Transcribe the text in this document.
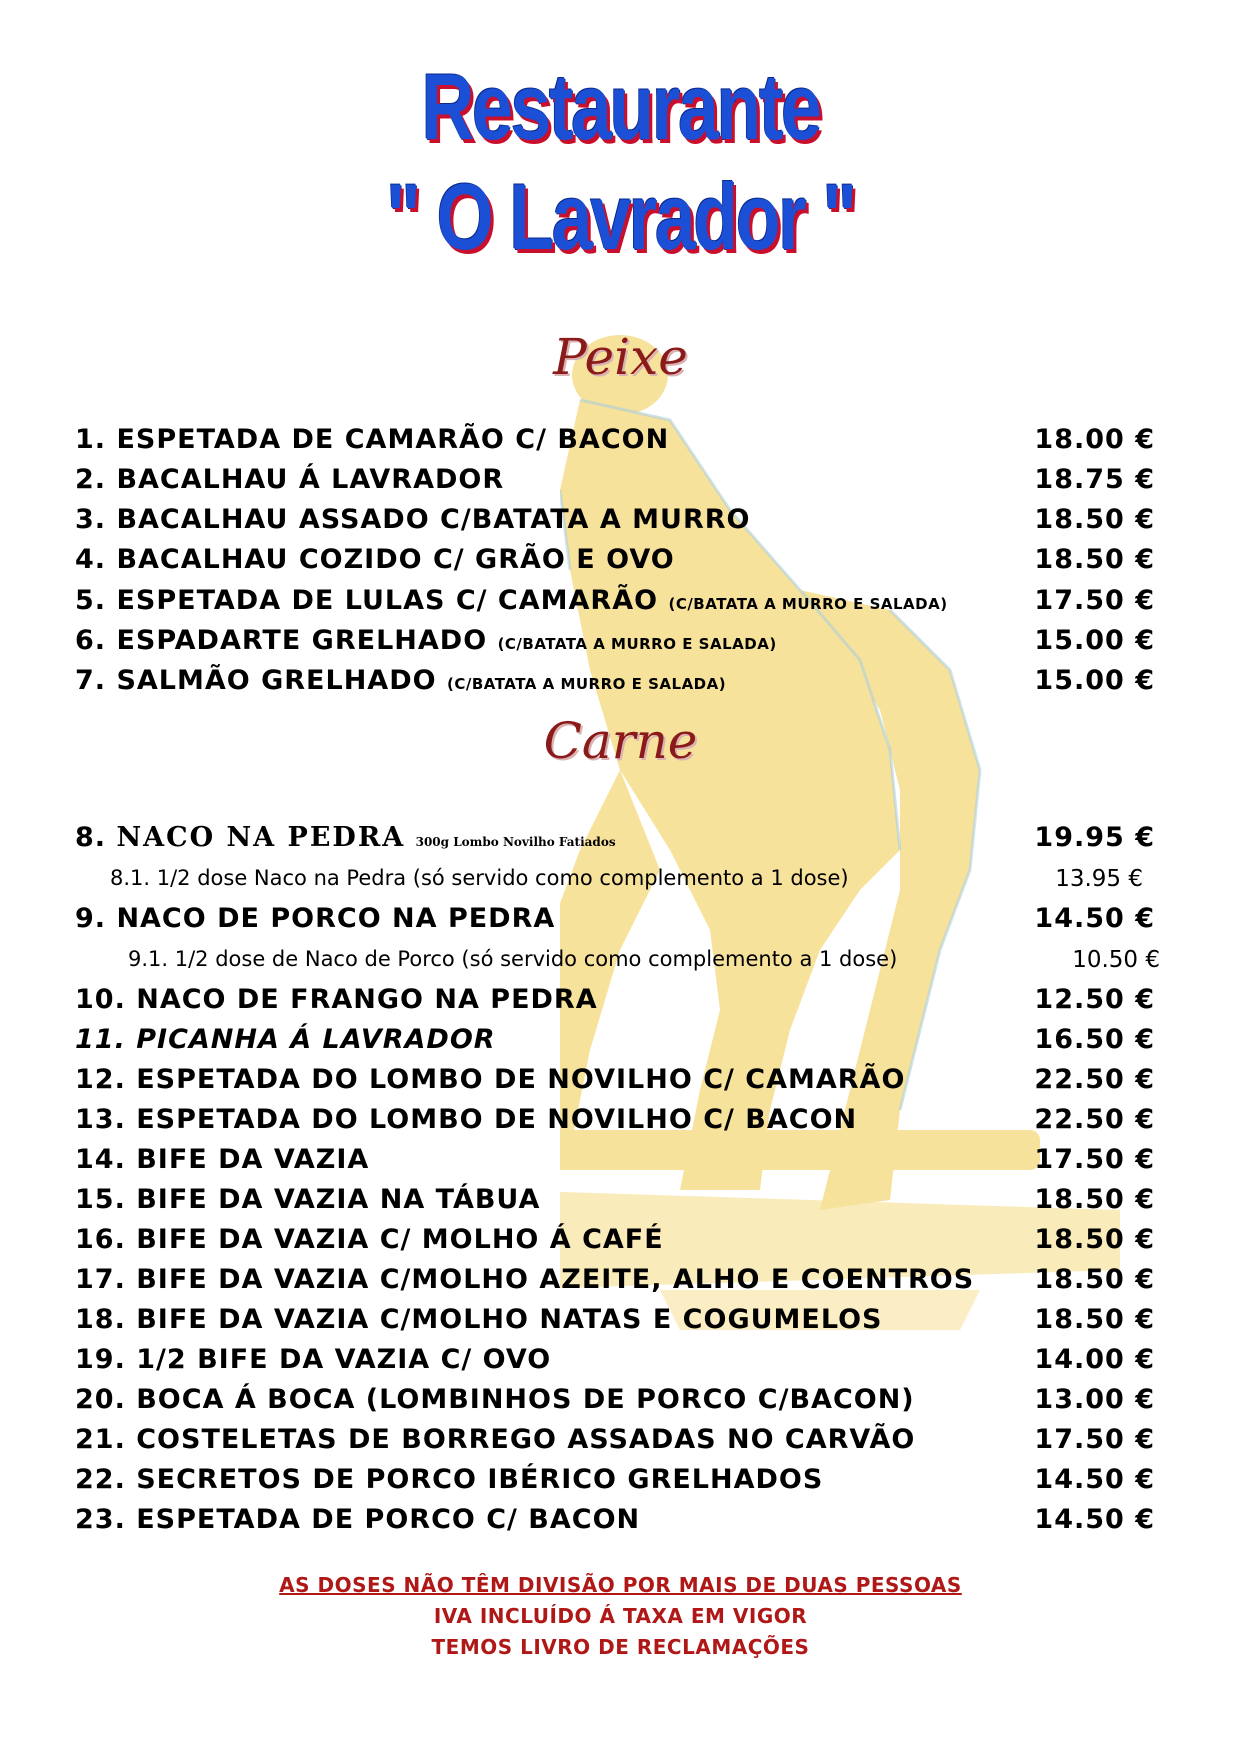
Restaurante
" O Lavrador "
Peixe
1. ESPETADA DE CAMARÃO C/ BACON	18.00 €
2. BACALHAU Á LAVRADOR	18.75 €
3. BACALHAU ASSADO C/BATATA A MURRO	18.50 €
4. BACALHAU COZIDO C/ GRÃO E OVO	18.50 €
5. ESPETADA DE LULAS C/ CAMARÃO (C/BATATA A MURRO E SALADA)	17.50 €
6. ESPADARTE GRELHADO (C/BATATA A MURRO E SALADA)	15.00 €
7. SALMÃO GRELHADO (C/BATATA A MURRO E SALADA)	15.00 €
Carne
8. NACO NA PEDRA 300g Lombo Novilho Fatiados	19.95 €
8.1. 1/2 dose Naco na Pedra (só servido como complemento a 1 dose)	13.95 €
9. NACO DE PORCO NA PEDRA	14.50 €
9.1. 1/2 dose de Naco de Porco (só servido como complemento a 1 dose)	10.50 €
10. NACO DE FRANGO NA PEDRA	12.50 €
11. PICANHA Á LAVRADOR	16.50 €
12. ESPETADA DO LOMBO DE NOVILHO C/ CAMARÃO	22.50 €
13. ESPETADA DO LOMBO DE NOVILHO C/ BACON	22.50 €
14. BIFE DA VAZIA	17.50 €
15. BIFE DA VAZIA NA TÁBUA	18.50 €
16. BIFE DA VAZIA C/ MOLHO Á CAFÉ	18.50 €
17. BIFE DA VAZIA C/MOLHO AZEITE, ALHO E COENTROS 18.50 €
18. BIFE DA VAZIA C/MOLHO NATAS E COGUMELOS	18.50 €
19. 1/2 BIFE DA VAZIA C/ OVO	14.00 €
20. BOCA Á BOCA (LOMBINHOS DE PORCO C/BACON)	13.00 €
21. COSTELETAS DE BORREGO ASSADAS NO CARVÃO	17.50 €
22. SECRETOS DE PORCO IBÉRICO GRELHADOS	14.50 €
23. ESPETADA DE PORCO C/ BACON	14.50 €
AS DOSES NÃO TÊM DIVISÃO POR MAIS DE DUAS PESSOAS
IVA INCLUÍDO Á TAXA EM VIGOR
TEMOS LIVRO DE RECLAMAÇÕES
